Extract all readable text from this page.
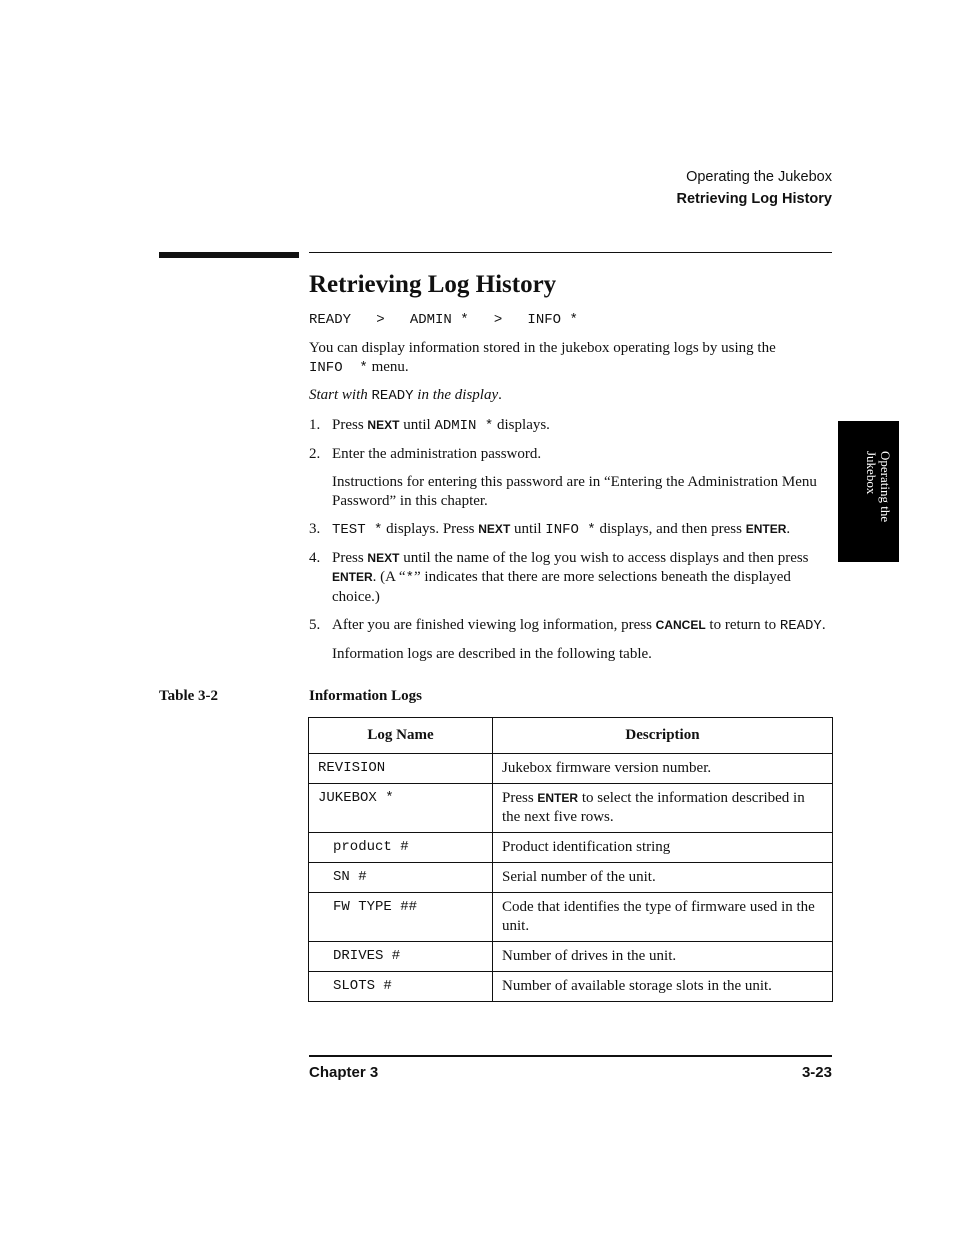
Operating the Jukebox
Retrieving Log History
Retrieving Log History
READY   >   ADMIN *   >   INFO *
You can display information stored in the jukebox operating logs by using the
INFO  * menu.
Start with READY in the display.
1. Press NEXT until ADMIN * displays.
2. Enter the administration password.
Instructions for entering this password are in “Entering the Administration Menu Password” in this chapter.
3. TEST * displays. Press NEXT until INFO * displays, and then press ENTER.
4. Press NEXT until the name of the log you wish to access displays and then press ENTER. (A “*” indicates that there are more selections beneath the displayed choice.)
5. After you are finished viewing log information, press CANCEL to return to READY.
Information logs are described in the following table.
Operating the
Jukebox
Table 3-2	Information Logs
Log Name	Description
REVISION	Jukebox firmware version number.
JUKEBOX *	Press ENTER to select the information described in the next five rows.
product #	Product identification string
SN #	Serial number of the unit.
FW TYPE ##	Code that identifies the type of firmware used in the unit.
DRIVES #	Number of drives in the unit.
SLOTS #	Number of available storage slots in the unit.
Chapter 3	3-23
